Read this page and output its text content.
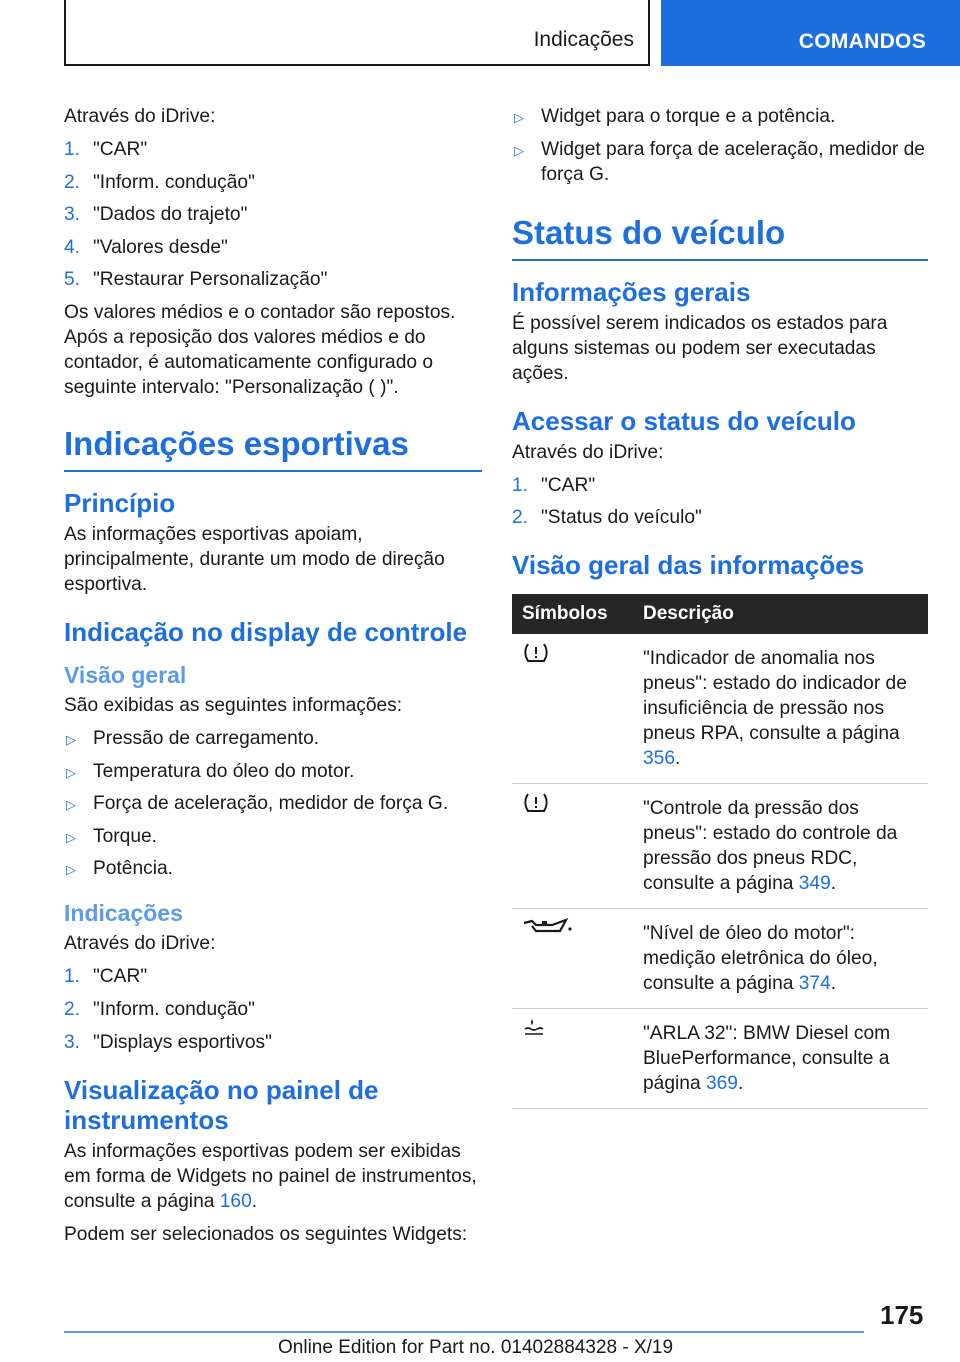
Indicações	COMANDOS

Através do iDrive:

1. "CAR"
2. "Inform. condução"
3. "Dados do trajeto"
4. "Valores desde"
5. "Restaurar Personalização"

Os valores médios e o contador são repostos. Após a reposição dos valores médios e do contador, é automaticamente configurado o seguinte intervalo: "Personalização ( )".

Indicações esportivas
Princípio

As informações esportivas apoiam, principalmente, durante um modo de direção esportiva.

Indicação no display de controle
Visão geral

São exibidas as seguintes informações:

▷ Pressão de carregamento.
▷ Temperatura do óleo do motor.
▷ Força de aceleração, medidor de força G.
▷ Torque.
▷ Potência.
Indicações

Através do iDrive:

1. "CAR"
2. "Inform. condução"
3. "Displays esportivos"
Visualização no painel de instrumentos

As informações esportivas podem ser exibidas em forma de Widgets no painel de instrumentos, consulte a página 160.

Podem ser selecionados os seguintes Widgets:

▷ Widget para o torque e a potência.
▷ Widget para força de aceleração, medidor de força G.
Status do veículo
Informações gerais

É possível serem indicados os estados para alguns sistemas ou podem ser executadas ações.

Acessar o status do veículo

Através do iDrive:

1. "CAR"
2. "Status do veículo"
Visão geral das informações
Símbolos	Descrição
	"Indicador de anomalia nos pneus": estado do indicador de insuficiência de pressão nos pneus RPA, consulte a página 356.
	"Controle da pressão dos pneus": estado do controle da pressão dos pneus RDC, consulte a página 349.
	"Nível de óleo do motor": medição eletrônica do óleo, consulte a página 374.
	"ARLA 32": BMW Diesel com BluePerformance, consulte a página 369.
175
Online Edition for Part no. 01402884328 - X/19
